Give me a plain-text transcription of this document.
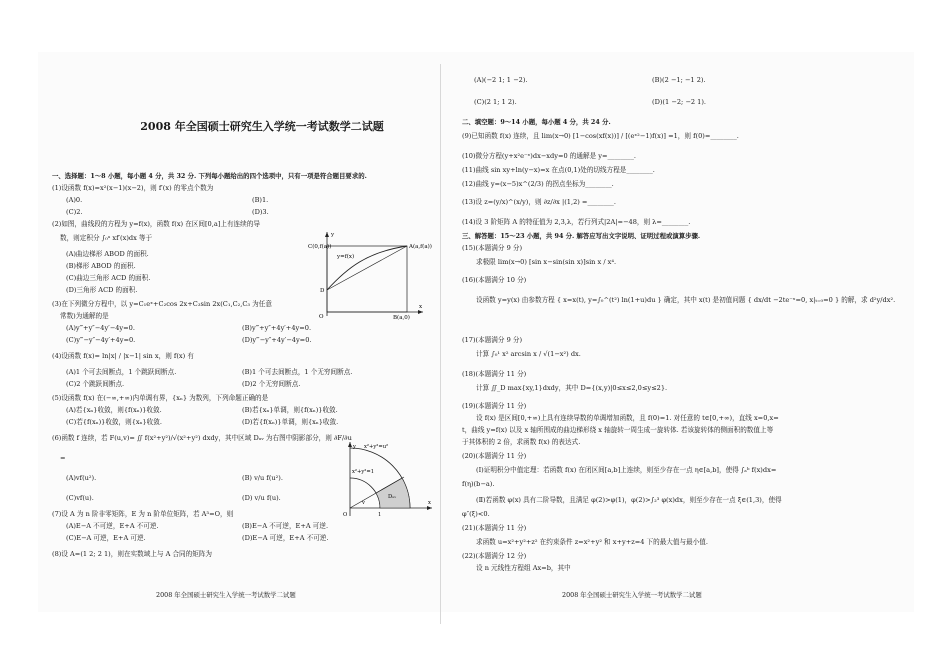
2008 年全国硕士研究生入学统一考试数学二试题
一、选择题：1～8 小题，每小题 4 分，共 32 分. 下列每小题给出的四个选项中，只有一项是符合题目要求的.
(1)设函数 f(x)=x²(x−1)(x−2)，则 f′(x) 的零点个数为
(A)0.	(B)1.
(C)2.	(D)3.
(2)如图，曲线段的方程为 y=f(x)，函数 f(x) 在区间[0,a]上有连续的导
数，则定积分 ∫₀ᵃ xf′(x)dx 等于
(A)曲边梯形 ABOD 的面积.
(B)梯形 ABOD 的面积.
(C)曲边三角形 ACD 的面积.
(D)三角形 ACD 的面积.
C(0,f(a))	A(a,f(a))
y=f(x)
D
O	B(a,0)
x
y
(3)在下列微分方程中，以 y=C₁eˣ+C₂cos 2x+C₃sin 2x(C₁,C₂,C₃ 为任意
常数)为通解的是
(A)y‴+y″−4y′−4y=0.	(B)y‴+y″+4y′+4y=0.
(C)y‴−y″−4y′+4y=0.	(D)y‴−y″+4y′−4y=0.
(4)设函数 f(x)= ln|x| / |x−1| sin x，则 f(x) 有
(A)1 个可去间断点，1 个跳跃间断点.	(B)1 个可去间断点，1 个无穷间断点.
(C)2 个跳跃间断点.	(D)2 个无穷间断点.
(5)设函数 f(x) 在(−∞,+∞)内单调有界，{xₙ} 为数列，下列命题正确的是
(A)若{xₙ}收敛，则{f(xₙ)}收敛.	(B)若{xₙ}单调，则{f(xₙ)}收敛.
(C)若{f(xₙ)}收敛，则{xₙ}收敛.	(D)若{f(xₙ)}单调，则{xₙ}收敛.
(6)函数 f 连续，若 F(u,v)= ∬ f(x²+y²)/√(x²+y²) dxdy，其中区域 Dᵤᵥ 为右图中阴影部分，则 ∂F/∂u
=
(A)vf(u²).	(B) v/u f(u²).
(C)vf(u).	(D) v/u f(u).
x²+y²=u²
x²+y²=1
Dᵤᵥ
v
O	1
x
y
(7)设 A 为 n 阶非零矩阵，E 为 n 阶单位矩阵，若 A³=O，则
(A)E−A 不可逆，E+A 不可逆.	(B)E−A 不可逆，E+A 可逆.
(C)E−A 可逆，E+A 可逆.	(D)E−A 可逆，E+A 不可逆.
(8)设 A=(1 2; 2 1)，则在实数域上与 A 合同的矩阵为
2008 年全国硕士研究生入学统一考试数学二试题
(A)(−2 1; 1 −2).	(B)(2 −1; −1 2).
(C)(2 1; 1 2).	(D)(1 −2; −2 1).
二、填空题：9～14 小题，每小题 4 分，共 24 分.
(9)已知函数 f(x) 连续，且 lim(x→0) [1−cos(xf(x))] / [(eˣ²−1)f(x)] =1，则 f(0)=________.
(10)微分方程(y+x²e⁻ˣ)dx−xdy=0 的通解是 y=________.
(11)曲线 sin xy+ln(y−x)=x 在点(0,1)处的切线方程是________.
(12)曲线 y=(x−5)x^(2/3) 的拐点坐标为________.
(13)设 z=(y/x)^(x/y)，则 ∂z/∂x |(1,2) =________.
(14)设 3 阶矩阵 A 的特征值为 2,3,λ，若行列式|2A|=−48，则 λ=________.
三、解答题：15～23 小题，共 94 分. 解答应写出文字说明、证明过程或演算步骤.
(15)(本题满分 9 分)
求极限 lim(x→0) [sin x−sin(sin x)]sin x / x⁴.
(16)(本题满分 10 分)
设函数 y=y(x) 由参数方程 { x=x(t), y=∫₀^(t²) ln(1+u)du } 确定，其中 x(t) 是初值问题 { dx/dt −2te⁻ˣ=0, x|ₜ₌₀=0 } 的解，求 d²y/dx².
(17)(本题满分 9 分)
计算 ∫₀¹ x² arcsin x / √(1−x²) dx.
(18)(本题满分 11 分)
计算 ∬_D max{xy,1}dxdy，其中 D={(x,y)|0≤x≤2,0≤y≤2}.
(19)(本题满分 11 分)
设 f(x) 是区间[0,+∞)上具有连续导数的单调增加函数，且 f(0)=1. 对任意的 t∈[0,+∞)，直线 x=0,x=
t，曲线 y=f(x) 以及 x 轴所围成的曲边梯形绕 x 轴旋转一周生成一旋转体. 若该旋转体的侧面积的数值上等
于其体积的 2 倍，求函数 f(x) 的表达式.
(20)(本题满分 11 分)
(Ⅰ)证明积分中值定理：若函数 f(x) 在闭区间[a,b]上连续，则至少存在一点 η∈[a,b]，使得 ∫ₐᵇ f(x)dx=
f(η)(b−a).
(Ⅱ)若函数 φ(x) 具有二阶导数，且满足 φ(2)>φ(1)，φ(2)>∫₂³ φ(x)dx，则至少存在一点 ξ∈(1,3)，使得
φ″(ξ)<0.
(21)(本题满分 11 分)
求函数 u=x²+y²+z² 在约束条件 z=x²+y² 和 x+y+z=4 下的最大值与最小值.
(22)(本题满分 12 分)
设 n 元线性方程组 Ax=b，其中
2008 年全国硕士研究生入学统一考试数学二试题
